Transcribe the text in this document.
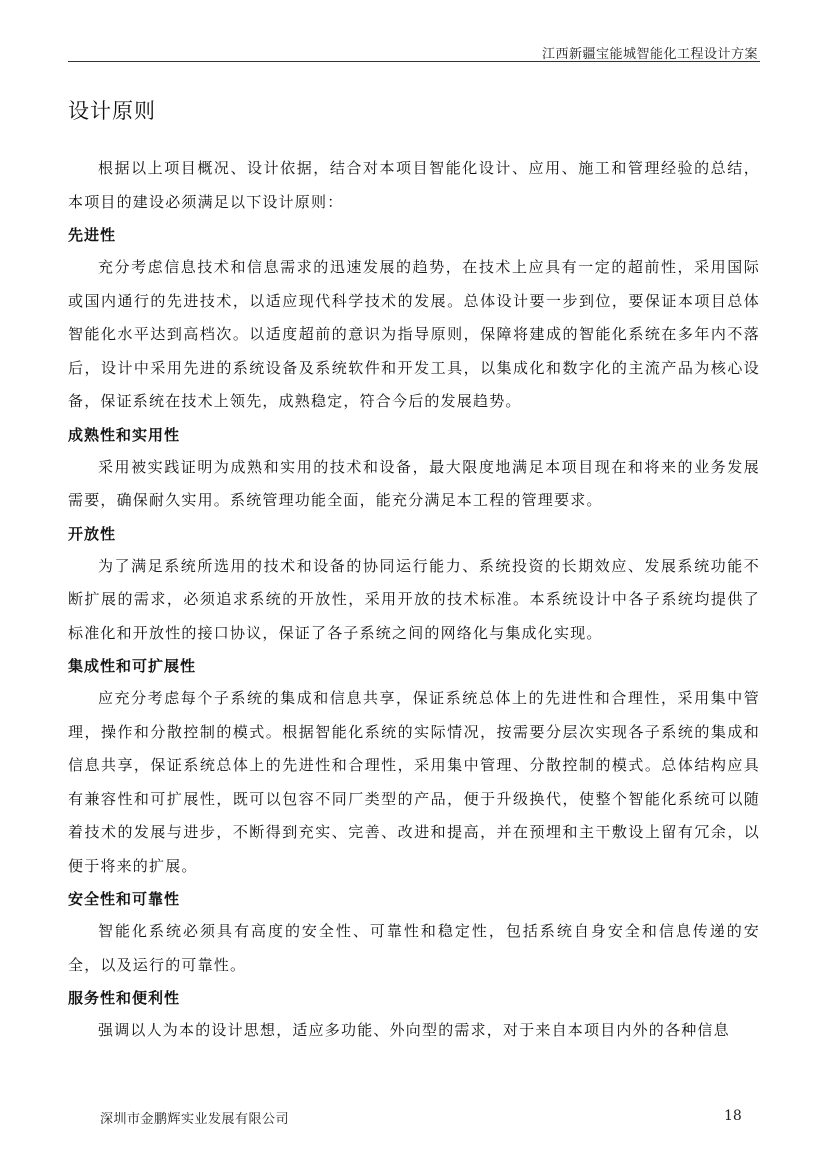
江西新疆宝能城智能化工程设计方案
设计原则

根据以上项目概况、设计依据，结合对本项目智能化设计、应用、施工和管理经验的总结，本项目的建设必须满足以下设计原则：

先进性

充分考虑信息技术和信息需求的迅速发展的趋势，在技术上应具有一定的超前性，采用国际或国内通行的先进技术，以适应现代科学技术的发展。总体设计要一步到位，要保证本项目总体智能化水平达到高档次。以适度超前的意识为指导原则，保障将建成的智能化系统在多年内不落后，设计中采用先进的系统设备及系统软件和开发工具，以集成化和数字化的主流产品为核心设备，保证系统在技术上领先，成熟稳定，符合今后的发展趋势。

成熟性和实用性

采用被实践证明为成熟和实用的技术和设备，最大限度地满足本项目现在和将来的业务发展需要，确保耐久实用。系统管理功能全面，能充分满足本工程的管理要求。

开放性

为了满足系统所选用的技术和设备的协同运行能力、系统投资的长期效应、发展系统功能不断扩展的需求，必须追求系统的开放性，采用开放的技术标准。本系统设计中各子系统均提供了标准化和开放性的接口协议，保证了各子系统之间的网络化与集成化实现。

集成性和可扩展性

应充分考虑每个子系统的集成和信息共享，保证系统总体上的先进性和合理性，采用集中管理，操作和分散控制的模式。根据智能化系统的实际情况，按需要分层次实现各子系统的集成和信息共享，保证系统总体上的先进性和合理性，采用集中管理、分散控制的模式。总体结构应具有兼容性和可扩展性，既可以包容不同厂类型的产品，便于升级换代，使整个智能化系统可以随着技术的发展与进步，不断得到充实、完善、改进和提高，并在预埋和主干敷设上留有冗余，以便于将来的扩展。

安全性和可靠性

智能化系统必须具有高度的安全性、可靠性和稳定性，包括系统自身安全和信息传递的安全，以及运行的可靠性。

服务性和便利性

强调以人为本的设计思想，适应多功能、外向型的需求，对于来自本项目内外的各种信息

深圳市金鹏辉实业发展有限公司	18
